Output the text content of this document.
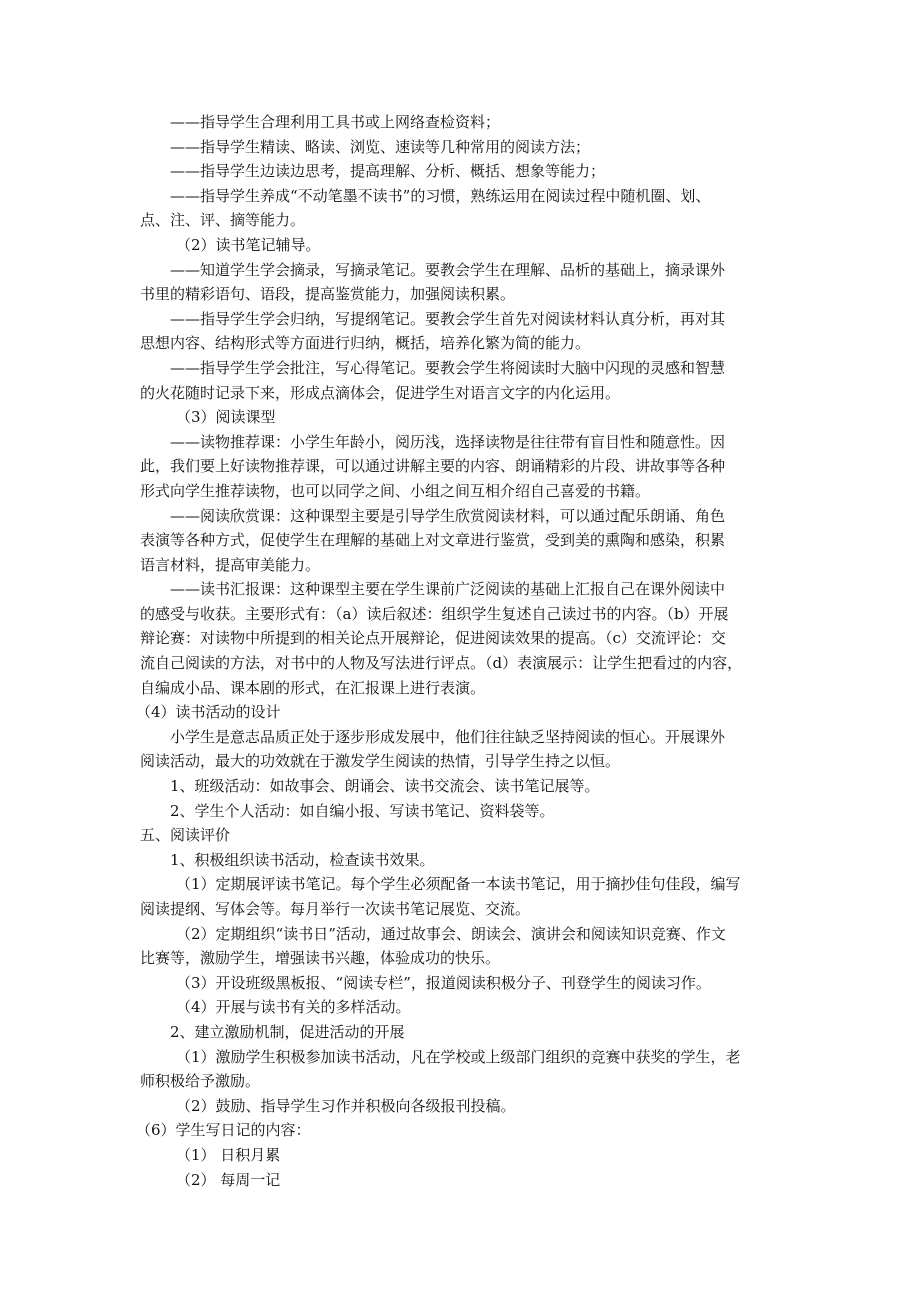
——指导学生合理利用工具书或上网络查检资料；
——指导学生精读、略读、浏览、速读等几种常用的阅读方法；
——指导学生边读边思考，提高理解、分析、概括、想象等能力；
——指导学生养成“不动笔墨不读书”的习惯，熟练运用在阅读过程中随机圈、划、
点、注、评、摘等能力。
（2）读书笔记辅导。
——知道学生学会摘录，写摘录笔记。要教会学生在理解、品析的基础上，摘录课外
书里的精彩语句、语段，提高鉴赏能力，加强阅读积累。
——指导学生学会归纳，写提纲笔记。要教会学生首先对阅读材料认真分析，再对其
思想内容、结构形式等方面进行归纳，概括，培养化繁为简的能力。
——指导学生学会批注，写心得笔记。要教会学生将阅读时大脑中闪现的灵感和智慧
的火花随时记录下来，形成点滴体会，促进学生对语言文字的内化运用。
（3）阅读课型
——读物推荐课：小学生年龄小，阅历浅，选择读物是往往带有盲目性和随意性。因
此，我们要上好读物推荐课，可以通过讲解主要的内容、朗诵精彩的片段、讲故事等各种
形式向学生推荐读物，也可以同学之间、小组之间互相介绍自己喜爱的书籍。
——阅读欣赏课：这种课型主要是引导学生欣赏阅读材料，可以通过配乐朗诵、角色
表演等各种方式，促使学生在理解的基础上对文章进行鉴赏，受到美的熏陶和感染，积累
语言材料，提高审美能力。
——读书汇报课：这种课型主要在学生课前广泛阅读的基础上汇报自己在课外阅读中
的感受与收获。主要形式有：（a）读后叙述：组织学生复述自己读过书的内容。（b）开展
辩论赛：对读物中所提到的相关论点开展辩论，促进阅读效果的提高。（c）交流评论：交
流自己阅读的方法，对书中的人物及写法进行评点。（d）表演展示：让学生把看过的内容，
自编成小品、课本剧的形式，在汇报课上进行表演。
（4）读书活动的设计
小学生是意志品质正处于逐步形成发展中，他们往往缺乏坚持阅读的恒心。开展课外
阅读活动，最大的功效就在于激发学生阅读的热情，引导学生持之以恒。
1、班级活动：如故事会、朗诵会、读书交流会、读书笔记展等。
2、学生个人活动：如自编小报、写读书笔记、资料袋等。
五、阅读评价
1、积极组织读书活动，检查读书效果。
（1）定期展评读书笔记。每个学生必须配备一本读书笔记，用于摘抄佳句佳段，编写
阅读提纲、写体会等。每月举行一次读书笔记展览、交流。
（2）定期组织“读书日”活动，通过故事会、朗读会、演讲会和阅读知识竞赛、作文
比赛等，激励学生，增强读书兴趣，体验成功的快乐。
（3）开设班级黑板报、“阅读专栏”，报道阅读积极分子、刊登学生的阅读习作。
（4）开展与读书有关的多样活动。
2、建立激励机制，促进活动的开展
（1）激励学生积极参加读书活动，凡在学校或上级部门组织的竞赛中获奖的学生，老
师积极给予激励。
（2）鼓励、指导学生习作并积极向各级报刊投稿。
（6）学生写日记的内容：
（1） 日积月累
（2） 每周一记
